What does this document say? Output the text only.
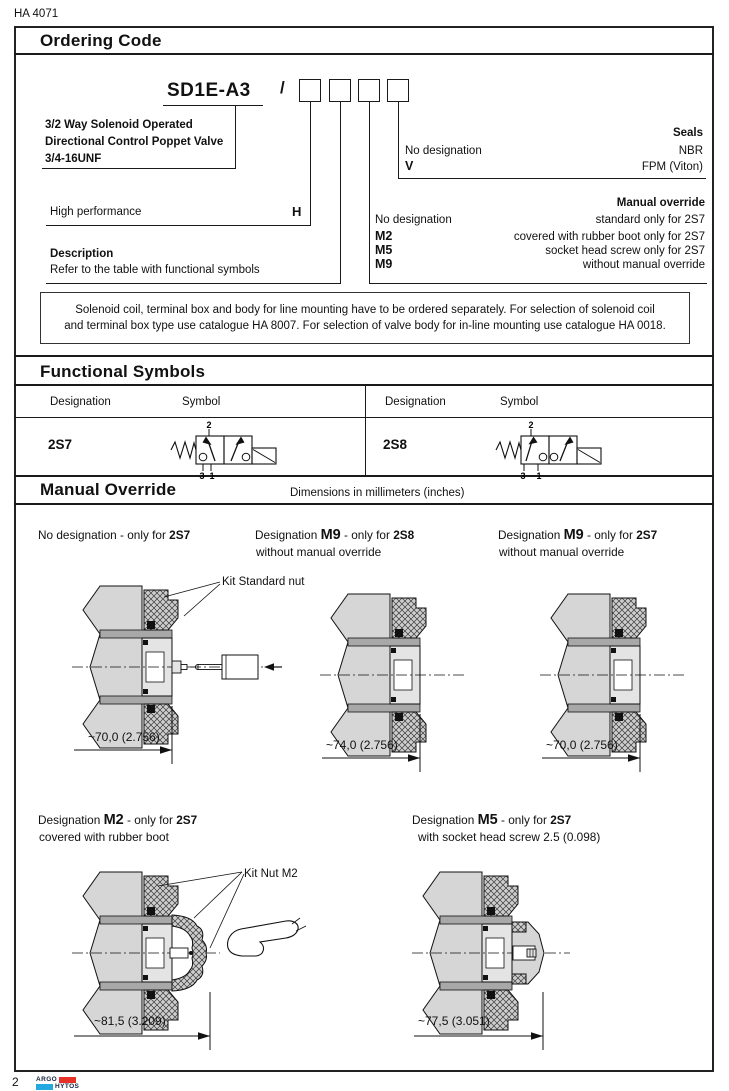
HA 4071
Ordering Code
SD1E-A3 /
3/2 Way Solenoid Operated
Directional Control Poppet Valve
3/4-16UNF
High performance	H
Description
Refer to the table with functional symbols
Seals
No designation	NBR
V	FPM (Viton)
Manual override
No designation	standard only for 2S7
M2	covered with rubber boot only for 2S7
M5	socket head screw only for 2S7
M9	without manual override
Solenoid coil, terminal box and body for line mounting have to be ordered separately. For selection of solenoid coil
and terminal box type use catalogue HA 8007. For selection of valve body for in-line mounting use catalogue HA 0018.
Functional Symbols
Designation	Symbol	Designation	Symbol
2S7	2S8
2
3 1
2
3 1
Manual Override	Dimensions in millimeters (inches)
No designation - only for 2S7	Designation M9 - only for 2S8
without manual override
Designation M9 - only for 2S7
without manual override
Designation M2 - only for 2S7
covered with rubber boot
Designation M5 - only for 2S7
with socket head screw 2.5 (0.098)
Kit Standard nut
~70,0 (2.756)
~74,0 (2.756)	~70,0 (2.756)
Kit Nut M2
~81,5 (3.209)	~77,5 (3.051)
2	ARGO
HYTOS
